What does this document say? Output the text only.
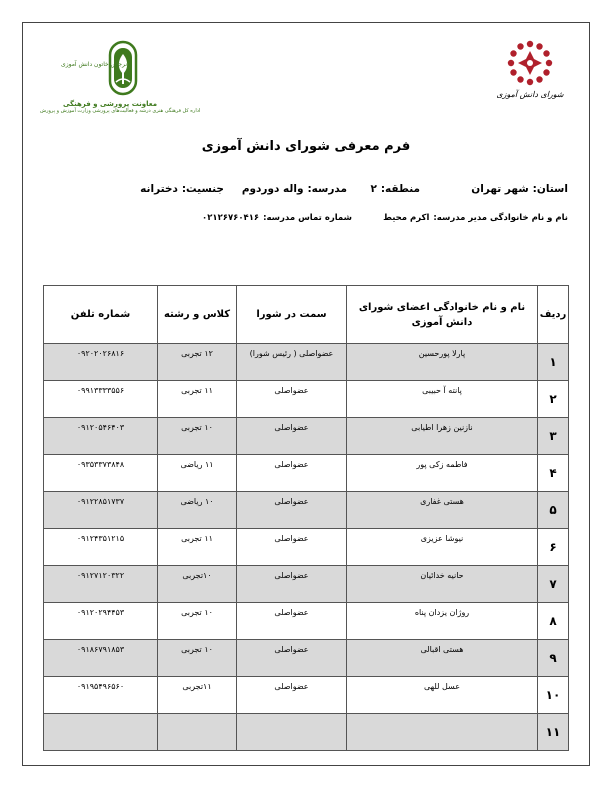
نرجس خاتون دانش آموزی
معاونت پرورشی و فرهنگی
اداره کل فرهنگی هنری درشه و فعالیت‌های پرورشی وزارت آموزش و پرورش
شورای دانش آموزی
فرم معرفی شورای دانش آموزی
استان:شهر تهران
منطقه:۲
مدرسه:واله دوردوم
جنسیت:دخترانه
نام و نام خانوادگی مدیر مدرسه:اکرم محیط
شماره تماس مدرسه:۰۲۱۲۶۷۶۰۴۱۶
ردیف	نام و نام خانوادگی اعضای شورای دانش آموزی	سمت در شورا	کلاس و رشته	شماره تلفن
۱	پارلا پورحسین	عضواصلی ( رئیس شورا)	۱۲ تجربی	۰۹۲۰۲۰۲۶۸۱۶
۲	پانته آ حبیبی	عضواصلی	۱۱ تجربی	۰۹۹۱۳۳۳۳۵۵۶
۳	نازنین زهرا اطیابی	عضواصلی	۱۰ تجربی	۰۹۱۲۰۵۴۶۴۰۳
۴	فاطمه زکی پور	عضواصلی	۱۱ ریاضی	۰۹۳۵۳۳۷۳۸۴۸
۵	هستی غفاری	عضواصلی	۱۰ ریاضی	۰۹۱۲۲۸۵۱۷۳۷
۶	نیوشا عزیزی	عضواصلی	۱۱ تجربی	۰۹۱۲۴۳۵۱۲۱۵
۷	حانیه خدائیان	عضواصلی	۱۰تجربی	۰۹۱۲۷۱۲۰۳۲۲
۸	روژان یزدان پناه	عضواصلی	۱۰ تجربی	۰۹۱۲۰۲۹۴۴۵۳
۹	هستی اقبالی	عضواصلی	۱۰ تجربی	۰۹۱۸۶۷۹۱۸۵۳
۱۰	عسل للهی	عضواصلی	۱۱تجربی	۰۹۱۹۵۴۹۶۵۶۰
۱۱				
